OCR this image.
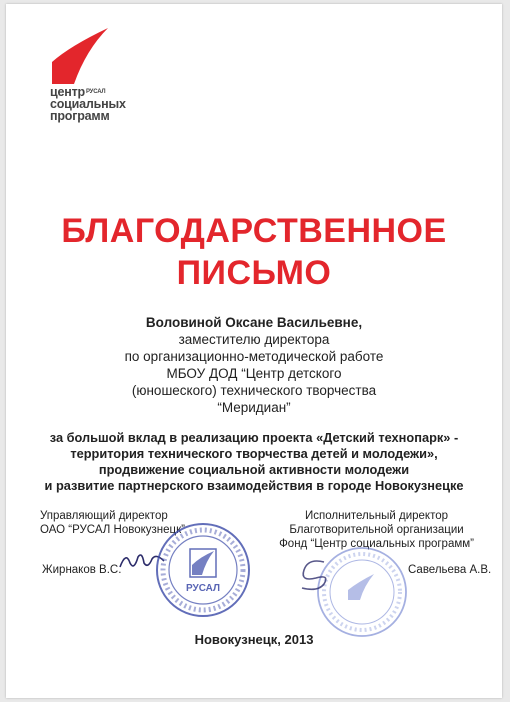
центр$^{РУСАЛ}$
социальных
программ
БЛАГОДАРСТВЕННОЕ
ПИСЬМО
Воловиной Оксане Васильевне,
заместителю директора
по организационно-методической работе
МБОУ ДОД “Центр детского
(юношеского) технического творчества
“Меридиан”
за большой вклад в реализацию проекта «Детский технопарк» -
территория технического творчества детей и молодежи»,
продвижение социальной активности молодежи
и развитие партнерского взаимодействия в городе Новокузнецке
Управляющий директор
ОАО “РУСАЛ Новокузнецк”
Жирнаков В.С.
РУСАЛ
Исполнительный директор
Благотворительной организации
Фонд “Центр социальных программ”
Савельева А.В.
Новокузнецк, 2013
